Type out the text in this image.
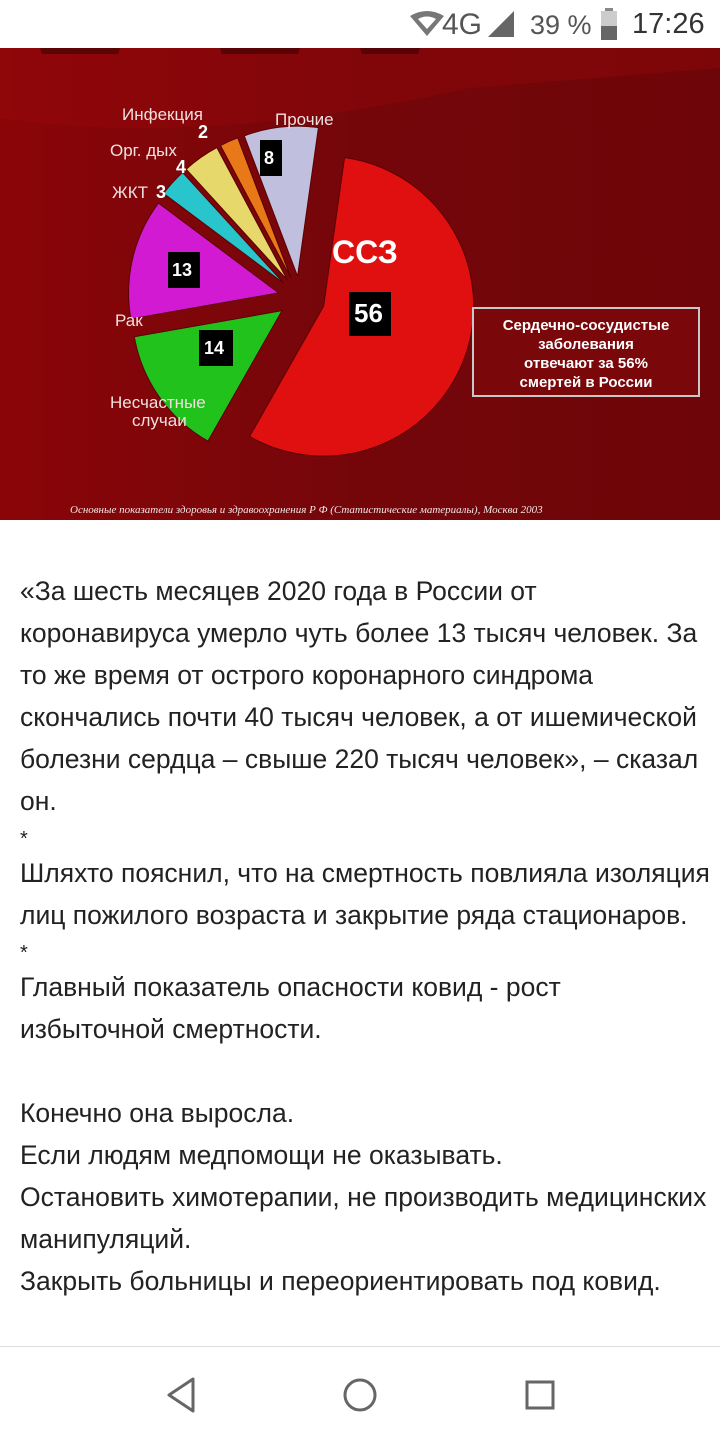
4G 39 % 17:26
Инфекция
2
Орг. дых
4
ЖКТ 3
Рак
Несчастные
случаи
Прочие
ССЗ
8
13
14
56	Сердечно-сосудистые
заболевания
отвечают за 56%
смертей в России
Основные показатели здоровья и здравоохранения Р Ф (Статистические материалы), Москва 2003

«За шесть месяцев 2020 года в России от коронавируса умерло чуть более 13 тысяч человек. За то же время от острого коронарного синдрома скончались почти 40 тысяч человек, а от ишемической болезни сердца – свыше 220 тысяч человек», – сказал он.

*

Шляхто пояснил, что на смертность повлияла изоляция лиц пожилого возраста и закрытие ряда стационаров.

*

Главный показатель опасности ковид - рост избыточной смертности.

Конечно она выросла.

Если людям медпомощи не оказывать.

Остановить химотерапии, не производить медицинских манипуляций.

Закрыть больницы и переориентировать под ковид.
